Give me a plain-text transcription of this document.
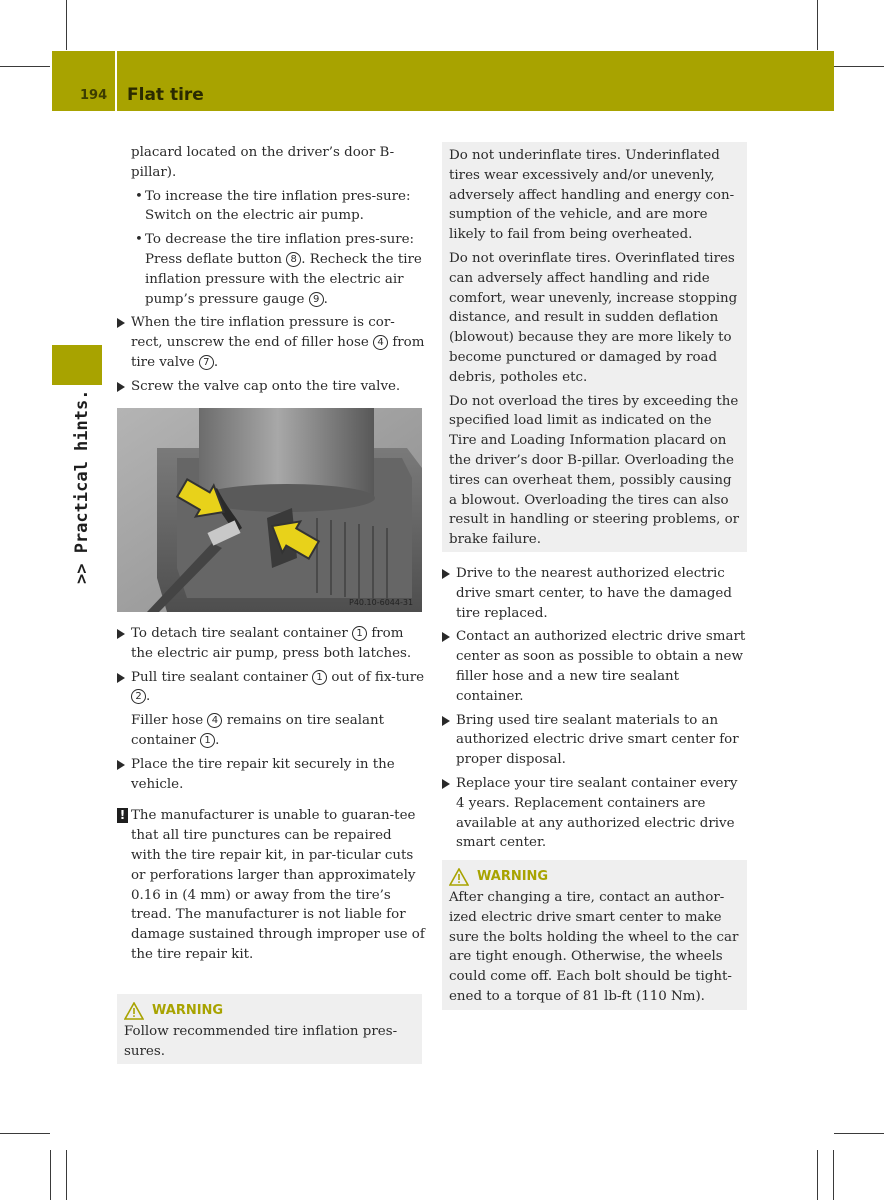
194 Flat tire
>> Practical hints.
placard located on the driver’s door B-pillar).
• To increase the tire inflation pres-sure: Switch on the electric air pump.
• To decrease the tire inflation pres-sure: Press deflate button 8 . Recheck the tire inflation pressure with the electric air pump’s pressure gauge 9 .
When the tire inflation pressure is cor-rect, unscrew the end of filler hose 4 from tire valve 7 .
Screw the valve cap onto the tire valve.
P40.10-6044-31
To detach tire sealant container 1 from the electric air pump, press both latches.
Pull tire sealant container 1 out of fix-ture 2 .
Filler hose 4 remains on tire sealant container 1 .
Place the tire repair kit securely in the vehicle.
! The manufacturer is unable to guaran-tee that all tire punctures can be repaired with the tire repair kit, in par-ticular cuts or perforations larger than approximately 0.16 in (4 mm) or away from the tire’s tread. The manufacturer is not liable for damage sustained through improper use of the tire repair kit.
WARNING
Follow recommended tire inflation pres-sures.
Do not underinflate tires. Underinflated tires wear excessively and/or unevenly, adversely affect handling and energy con-sumption of the vehicle, and are more likely to fail from being overheated.
Do not overinflate tires. Overinflated tires can adversely affect handling and ride comfort, wear unevenly, increase stopping distance, and result in sudden deflation (blowout) because they are more likely to become punctured or damaged by road debris, potholes etc.
Do not overload the tires by exceeding the specified load limit as indicated on the Tire and Loading Information placard on the driver’s door B-pillar. Overloading the tires can overheat them, possibly causing a blowout. Overloading the tires can also result in handling or steering problems, or brake failure.
Drive to the nearest authorized electric drive smart center, to have the damaged tire replaced.
Contact an authorized electric drive smart center as soon as possible to obtain a new filler hose and a new tire sealant container.
Bring used tire sealant materials to an authorized electric drive smart center for proper disposal.
Replace your tire sealant container every 4 years. Replacement containers are available at any authorized electric drive smart center.
WARNING
After changing a tire, contact an author-ized electric drive smart center to make sure the bolts holding the wheel to the car are tight enough. Otherwise, the wheels could come off. Each bolt should be tight-ened to a torque of 81 lb-ft (110 Nm).
